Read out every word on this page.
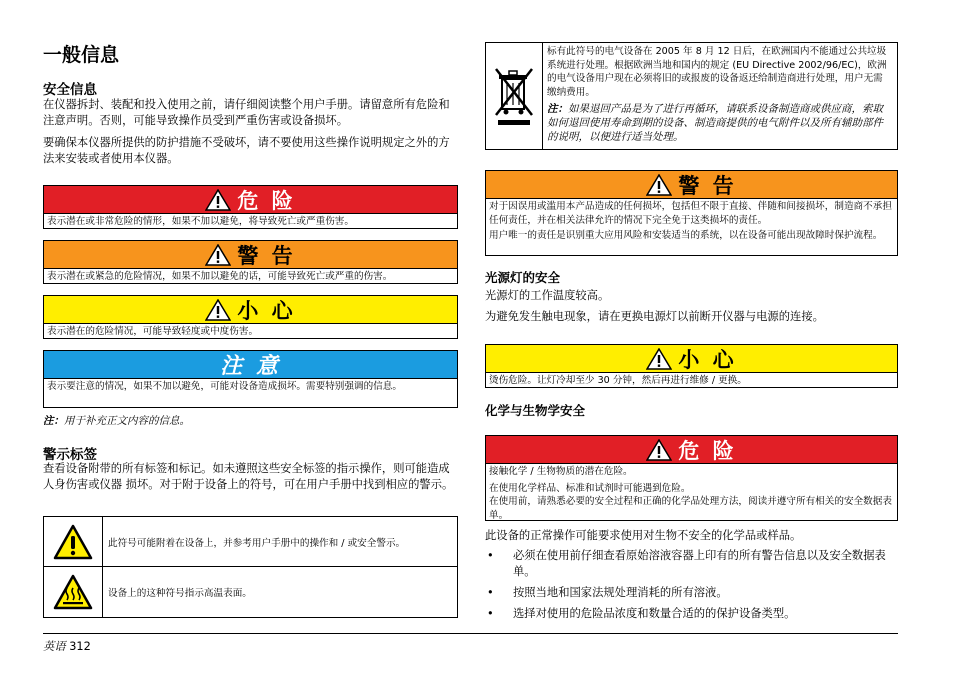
一般信息
安全信息
在仪器拆封、装配和投入使用之前，请仔细阅读整个用户手册。请留意所有危险和注意声明。否则，可能导致操作员受到严重伤害或设备损坏。
要确保本仪器所提供的防护措施不受破坏，请不要使用这些操作说明规定之外的方法来安装或者使用本仪器。
危 险
表示潜在或非常危险的情形，如果不加以避免，将导致死亡或严重伤害。
警 告
表示潜在或紧急的危险情况，如果不加以避免的话，可能导致死亡或严重的伤害。
小 心
表示潜在的危险情况，可能导致轻度或中度伤害。
注 意
表示要注意的情况，如果不加以避免，可能对设备造成损坏。需要特别强调的信息。
注：用于补充正文内容的信息。
警示标签
查看设备附带的所有标签和标记。如未遵照这些安全标签的指示操作，则可能造成人身伤害或仪器 损坏。对于附于设备上的符号，可在用户手册中找到相应的警示。
此符号可能附着在设备上，并参考用户手册中的操作和 / 或安全警示。
设备上的这种符号指示高温表面。
标有此符号的电气设备在 2005 年 8 月 12 日后，在欧洲国内不能通过公共垃圾系统进行处理。根据欧洲当地和国内的规定 (EU Directive 2002/96/EC)，欧洲的电气设备用户现在必须将旧的或报废的设备返还给制造商进行处理，用户无需缴纳费用。
注：如果退回产品是为了进行再循环，请联系设备制造商或供应商，索取如何退回使用寿命到期的设备、制造商提供的电气附件以及所有辅助部件的说明，以便进行适当处理。
警 告
对于因误用或滥用本产品造成的任何损坏，包括但不限于直接、伴随和间接损坏，制造商不承担任何责任，并在相关法律允许的情况下完全免于这类损坏的责任。
用户唯一的责任是识别重大应用风险和安装适当的系统，以在设备可能出现故障时保护流程。
光源灯的安全
光源灯的工作温度较高。
为避免发生触电现象，请在更换电源灯以前断开仪器与电源的连接。
小 心
烫伤危险。让灯冷却至少 30 分钟，然后再进行维修 / 更换。
化学与生物学安全
危 险
接触化学 / 生物物质的潜在危险。
在使用化学样品、标准和试剂时可能遇到危险。
在使用前，请熟悉必要的安全过程和正确的化学品处理方法，阅读并遵守所有相关的安全数据表单。
此设备的正常操作可能要求使用对生物不安全的化学品或样品。
• 必须在使用前仔细查看原始溶液容器上印有的所有警告信息以及安全数据表单。
• 按照当地和国家法规处理消耗的所有溶液。
• 选择对使用的危险品浓度和数量合适的的保护设备类型。
英语 312
